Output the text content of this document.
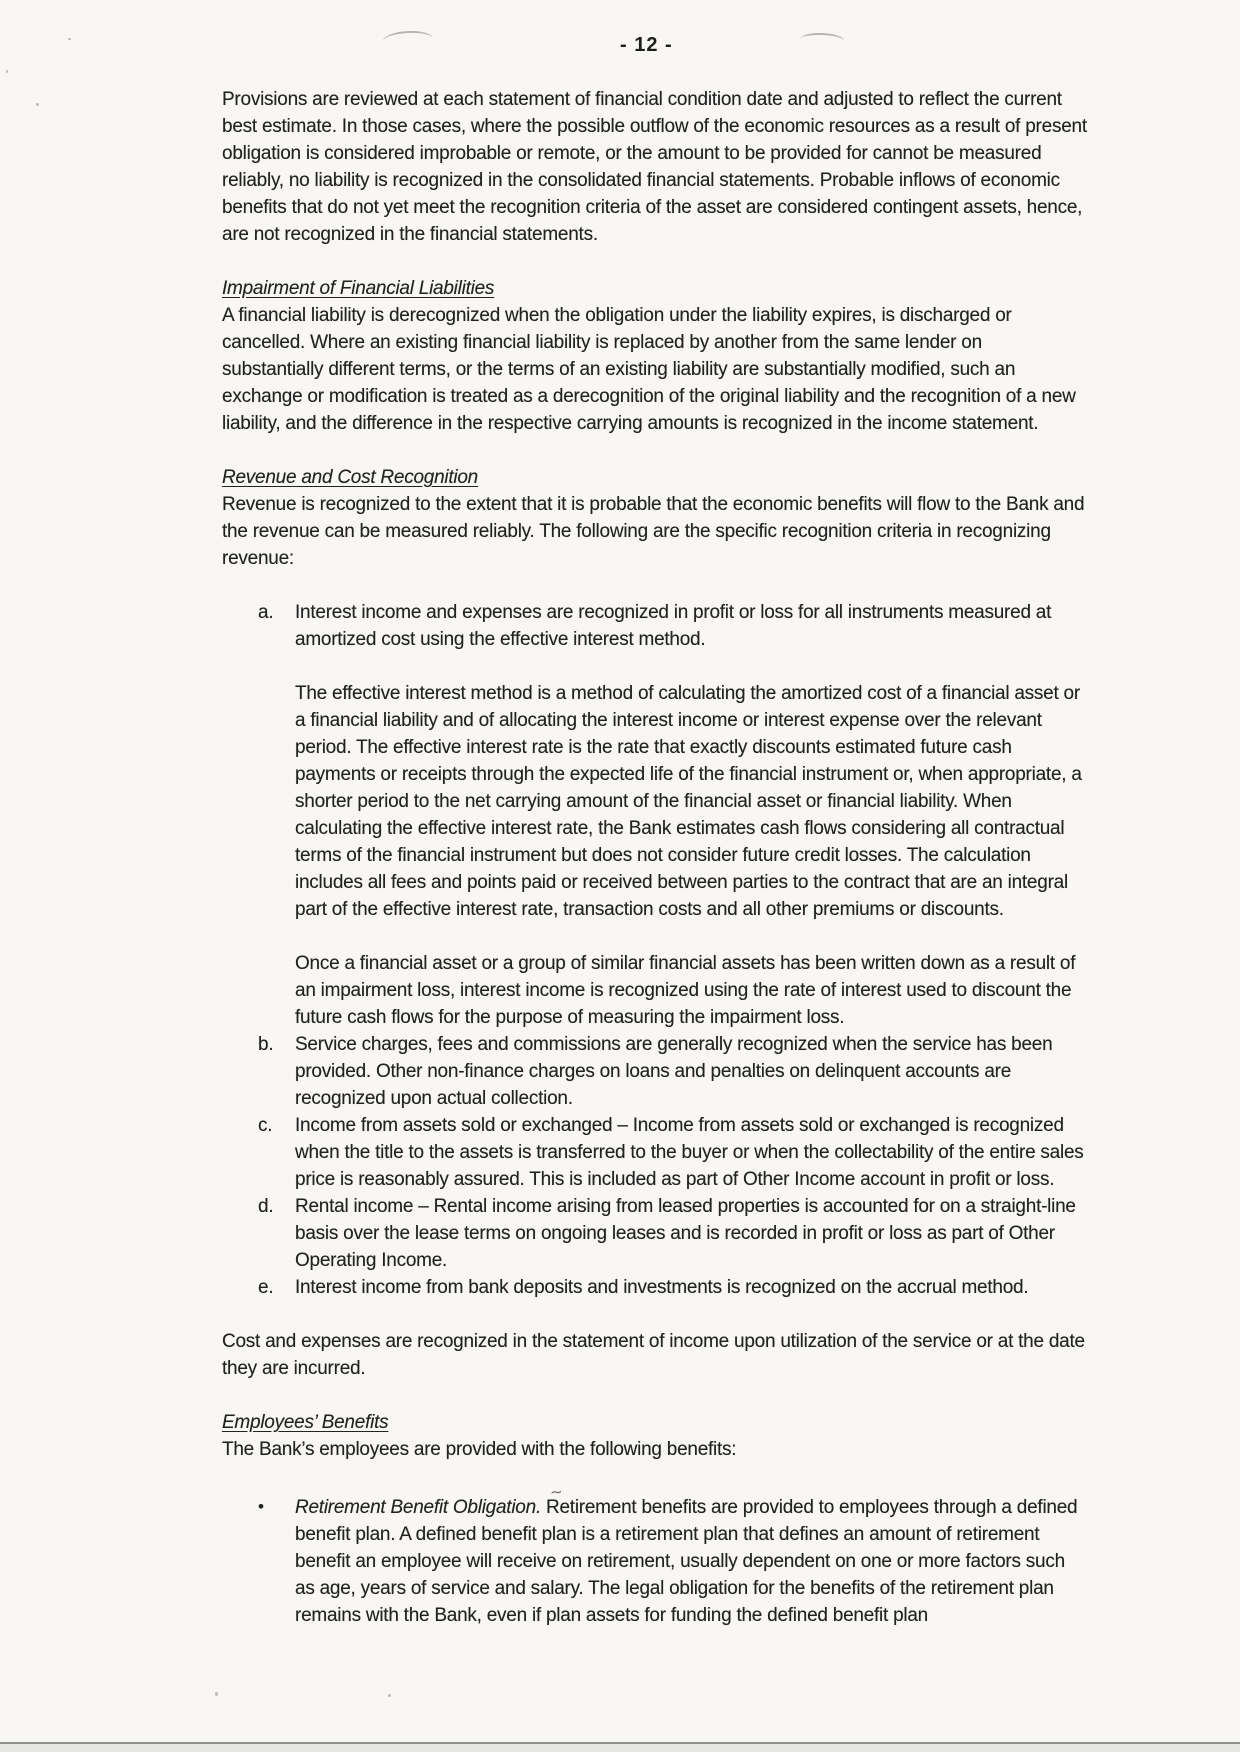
- 12 -

Provisions are reviewed at each statement of financial condition date and adjusted to reflect the current best estimate. In those cases, where the possible outflow of the economic resources as a result of present obligation is considered improbable or remote, or the amount to be provided for cannot be measured reliably, no liability is recognized in the consolidated financial statements. Probable inflows of economic benefits that do not yet meet the recognition criteria of the asset are considered contingent assets, hence, are not recognized in the financial statements.

Impairment of Financial Liabilities

A financial liability is derecognized when the obligation under the liability expires, is discharged or cancelled. Where an existing financial liability is replaced by another from the same lender on substantially different terms, or the terms of an existing liability are substantially modified, such an exchange or modification is treated as a derecognition of the original liability and the recognition of a new liability, and the difference in the respective carrying amounts is recognized in the income statement.

Revenue and Cost Recognition

Revenue is recognized to the extent that it is probable that the economic benefits will flow to the Bank and the revenue can be measured reliably. The following are the specific recognition criteria in recognizing revenue:

a.	Interest income and expenses are recognized in profit or loss for all instruments measured at amortized cost using the effective interest method.

The effective interest method is a method of calculating the amortized cost of a financial asset or a financial liability and of allocating the interest income or interest expense over the relevant period. The effective interest rate is the rate that exactly discounts estimated future cash payments or receipts through the expected life of the financial instrument or, when appropriate, a shorter period to the net carrying amount of the financial asset or financial liability. When calculating the effective interest rate, the Bank estimates cash flows considering all contractual terms of the financial instrument but does not consider future credit losses. The calculation includes all fees and points paid or received between parties to the contract that are an integral part of the effective interest rate, transaction costs and all other premiums or discounts.

Once a financial asset or a group of similar financial assets has been written down as a result of an impairment loss, interest income is recognized using the rate of interest used to discount the future cash flows for the purpose of measuring the impairment loss.

b.	Service charges, fees and commissions are generally recognized when the service has been provided. Other non-finance charges on loans and penalties on delinquent accounts are recognized upon actual collection.

c.	Income from assets sold or exchanged – Income from assets sold or exchanged is recognized when the title to the assets is transferred to the buyer or when the collectability of the entire sales price is reasonably assured. This is included as part of Other Income account in profit or loss.

d.	Rental income – Rental income arising from leased properties is accounted for on a straight-line basis over the lease terms on ongoing leases and is recorded in profit or loss as part of Other Operating Income.

e.	Interest income from bank deposits and investments is recognized on the accrual method.

Cost and expenses are recognized in the statement of income upon utilization of the service or at the date they are incurred.

Employees’ Benefits

The Bank’s employees are provided with the following benefits:

• Retirement Benefit Obligation. Retirement benefits are provided to employees through a defined benefit plan. A defined benefit plan is a retirement plan that defines an amount of retirement benefit an employee will receive on retirement, usually dependent on one or more factors such as age, years of service and salary. The legal obligation for the benefits of the retirement plan remains with the Bank, even if plan assets for funding the defined benefit plan

∼
